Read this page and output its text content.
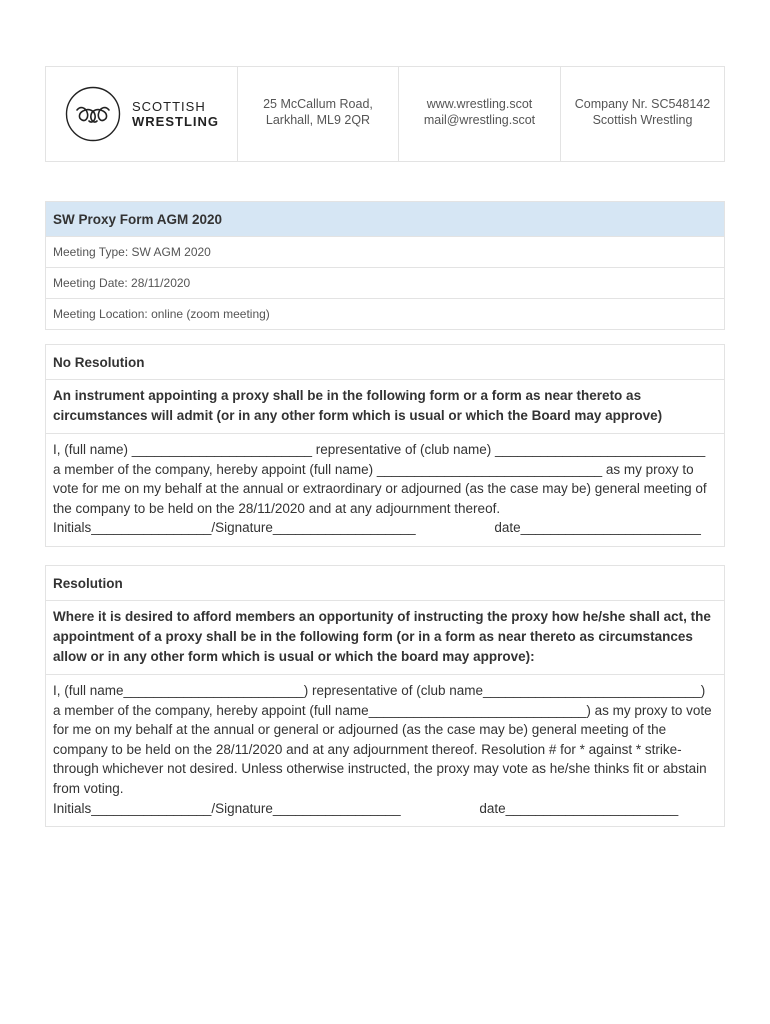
SCOTTISH
WRESTLING
25 McCallum Road,
Larkhall, ML9 2QR
www.wrestling.scot
mail@wrestling.scot
Company Nr. SC548142
Scottish Wrestling
SW Proxy Form AGM 2020
Meeting Type: SW AGM 2020
Meeting Date: 28/11/2020
Meeting Location: online (zoom meeting)
No Resolution
An instrument appointing a proxy shall be in the following form or a form as near thereto as circumstances will admit (or in any other form which is usual or which the Board may approve)
I, (full name) ________________________ representative of (club name) ____________________________ a member of the company, hereby appoint (full name) ______________________________ as my proxy to vote for me on my behalf at the annual or extraordinary or adjourned (as the case may be) general meeting of the company to be held on the 28/11/2020 and at any adjournment thereof.
Initials________________/Signature___________________                     date________________________
Resolution
Where it is desired to afford members an opportunity of instructing the proxy how he/she shall act, the appointment of a proxy shall be in the following form (or in a form as near thereto as circumstances allow or in any other form which is usual or which the board may approve):
I, (full name________________________) representative of (club name_____________________________) a member of the company, hereby appoint (full name_____________________________) as my proxy to vote for me on my behalf at the annual or general or adjourned (as the case may be) general meeting of the company to be held on the 28/11/2020 and at any adjournment thereof. Resolution # for * against * strike-through whichever not desired. Unless otherwise instructed, the proxy may vote as he/she thinks fit or abstain from voting.
Initials________________/Signature_________________                     date_______________________
